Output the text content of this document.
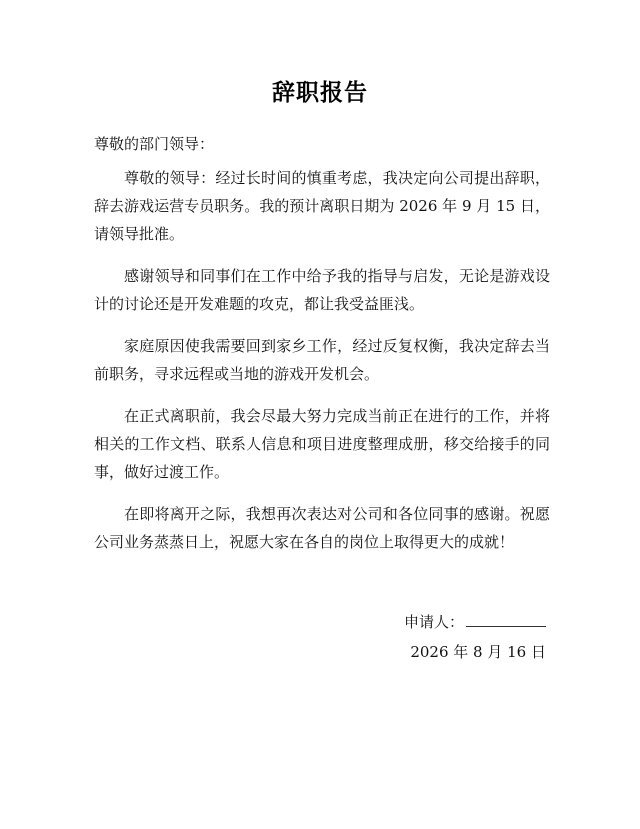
辞职报告

尊敬的部门领导：

尊敬的领导：经过长时间的慎重考虑，我决定向公司提出辞职，辞去游戏运营专员职务。我的预计离职日期为 2026 年 9 月 15 日，请领导批准。

感谢领导和同事们在工作中给予我的指导与启发，无论是游戏设计的讨论还是开发难题的攻克，都让我受益匪浅。

家庭原因使我需要回到家乡工作，经过反复权衡，我决定辞去当前职务，寻求远程或当地的游戏开发机会。

在正式离职前，我会尽最大努力完成当前正在进行的工作，并将相关的工作文档、联系人信息和项目进度整理成册，移交给接手的同事，做好过渡工作。

在即将离开之际，我想再次表达对公司和各位同事的感谢。祝愿公司业务蒸蒸日上，祝愿大家在各自的岗位上取得更大的成就！

申请人：
2026 年 8 月 16 日
